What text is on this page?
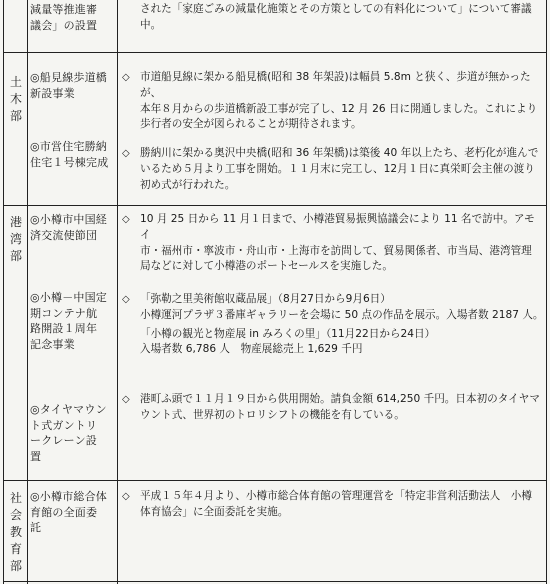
減量等推進審
議会」の設置
された「家庭ごみの減量化施策とその方策としての有料化について」について審議
中。
土
木
部
◎船見線歩道橋
新設事業
◇ 市道船見線に架かる船見橋(昭和 38 年架設)は幅員 5.8m と狭く、歩道が無かったが、
本年８月からの歩道橋新設工事が完了し、12 月 26 日に開通しました。これにより
歩行者の安全が図られることが期待されます。
◎市営住宅勝納
住宅１号棟完成
◇ 勝納川に架かる奥沢中央橋(昭和 36 年架橋)は築後 40 年以上たち、老朽化が進んで
いるため５月より工事を開始。１１月末に完工し、12月１日に真栄町会主催の渡り
初め式が行われた。
港
湾
部
◎小樽市中国経
済交流使節団
◇ 10 月 25 日から 11 月１日まで、小樽港貿易振興協議会により 11 名で訪中。アモイ
市・福州市・寧波市・舟山市・上海市を訪問して、貿易関係者、市当局、港湾管理
局などに対して小樽港のポートセールスを実施した。
◎小樽－中国定
期コンテナ航
路開設１周年
記念事業
◇ 「弥勒之里美術館収蔵品展」（8月27日から9月6日）
小樽運河プラザ３番庫ギャラリーを会場に 50 点の作品を展示。入場者数 2187 人。
「小樽の観光と物産展 in みろくの里」（11月22日から24日）
入場者数 6,786 人　物産展総売上 1,629 千円
◎タイヤマウン
ト式ガントリ
ークレーン設
置
◇ 港町ふ頭で１１月１９日から供用開始。請負金額 614,250 千円。日本初のタイヤマ
ウント式、世界初のトロリシフトの機能を有している。
社
会
教
育
部
◎小樽市総合体
育館の全面委
託
◇ 平成１５年４月より、小樽市総合体育館の管理運営を「特定非営利活動法人　小樽
体育協会」に全面委託を実施。
